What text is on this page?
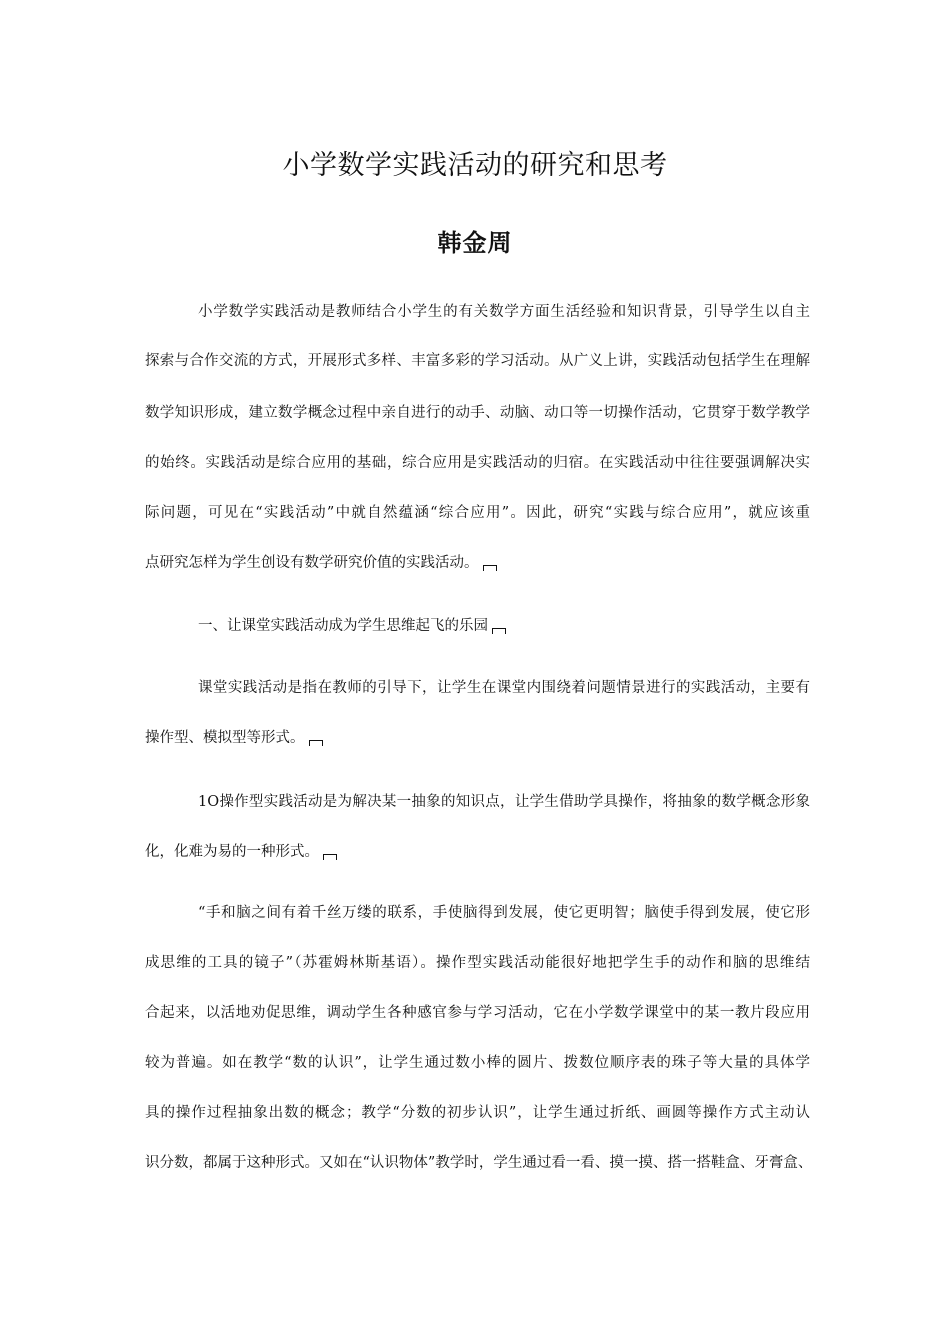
小学数学实践活动的研究和思考
韩金周
小学数学实践活动是教师结合小学生的有关数学方面生活经验和知识背景，引导学生以自主
探索与合作交流的方式，开展形式多样、丰富多彩的学习活动。从广义上讲，实践活动包括学生在理解
数学知识形成，建立数学概念过程中亲自进行的动手、动脑、动口等一切操作活动，它贯穿于数学教学
的始终。实践活动是综合应用的基础，综合应用是实践活动的归宿。在实践活动中往往要强调解决实
际问题，可见在“实践活动”中就自然蕴涵“综合应用”。因此，研究“实践与综合应用”，就应该重
点研究怎样为学生创设有数学研究价值的实践活动。
一、让课堂实践活动成为学生思维起飞的乐园
课堂实践活动是指在教师的引导下，让学生在课堂内围绕着问题情景进行的实践活动，主要有
操作型、模拟型等形式。
1O操作型实践活动是为解决某一抽象的知识点，让学生借助学具操作，将抽象的数学概念形象
化，化难为易的一种形式。
“手和脑之间有着千丝万缕的联系，手使脑得到发展，使它更明智；脑使手得到发展，使它形
成思维的工具的镜子”（苏霍姆林斯基语）。操作型实践活动能很好地把学生手的动作和脑的思维结
合起来，以活地劝促思维，调动学生各种感官参与学习活动，它在小学数学课堂中的某一教片段应用
较为普遍。如在教学“数的认识”，让学生通过数小棒的圆片、拨数位顺序表的珠子等大量的具体学
具的操作过程抽象出数的概念；教学“分数的初步认识”，让学生通过折纸、画圆等操作方式主动认
识分数，都属于这种形式。又如在“认识物体”教学时，学生通过看一看、摸一摸、搭一搭鞋盒、牙膏盒、
